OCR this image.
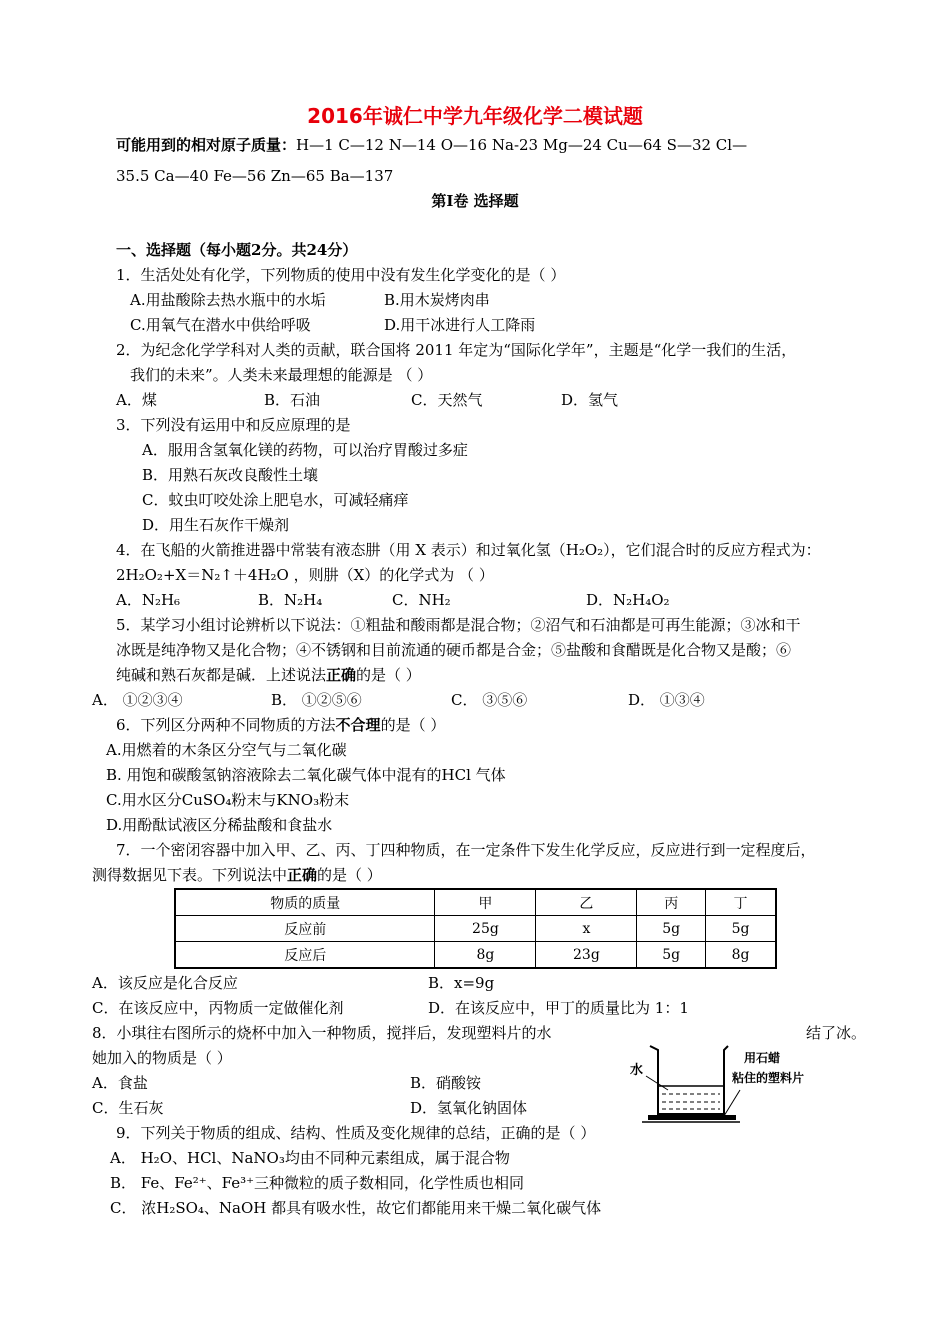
2016年诚仁中学九年级化学二模试题
可能用到的相对原子质量：H—1 C—12 N—14 O—16 Na-23 Mg—24 Cu—64 S—32 Cl—
35.5 Ca—40 Fe—56 Zn—65 Ba—137
第Ⅰ卷 选择题
一、选择题（每小题2分。共24分）
1．生活处处有化学，下列物质的使用中没有发生化学变化的是（ ）
A.用盐酸除去热水瓶中的水垢	B.用木炭烤肉串
C.用氧气在潜水中供给呼吸	D.用干冰进行人工降雨
2．为纪念化学学科对人类的贡献，联合国将 2011 年定为“国际化学年”，主题是“化学一我们的生活，
我们的未来”。人类未来最理想的能源是 （ ）
A．煤	B．石油	C．天然气	D．氢气
3．下列没有运用中和反应原理的是
A．服用含氢氧化镁的药物，可以治疗胃酸过多症
B．用熟石灰改良酸性土壤
C．蚊虫叮咬处涂上肥皂水，可减轻痛痒
D．用生石灰作干燥剂
4．在飞船的火箭推进器中常装有液态肼（用 X 表示）和过氧化氢（H₂O₂），它们混合时的反应方程式为：
2H₂O₂+X＝N₂↑＋4H₂O ，则肼（X）的化学式为 （ ）
A．N₂H₆	B．N₂H₄	C．NH₂	D．N₂H₄O₂
5．某学习小组讨论辨析以下说法：①粗盐和酸雨都是混合物；②沼气和石油都是可再生能源；③冰和干
冰既是纯净物又是化合物；④不锈钢和目前流通的硬币都是合金；⑤盐酸和食醋既是化合物又是酸；⑥
纯碱和熟石灰都是碱．上述说法正确的是（ ）
A． ①②③④	B． ①②⑤⑥	C． ③⑤⑥	D． ①③④
6．下列区分两种不同物质的方法不合理的是（ ）
A.用燃着的木条区分空气与二氧化碳
B. 用饱和碳酸氢钠溶液除去二氧化碳气体中混有的HCl 气体
C.用水区分CuSO₄粉末与KNO₃粉末
D.用酚酞试液区分稀盐酸和食盐水
7．一个密闭容器中加入甲、乙、丙、丁四种物质，在一定条件下发生化学反应，反应进行到一定程度后，
测得数据见下表。下列说法中正确的是（ ）
物质的质量	甲	乙	丙	丁
反应前	25g	x	5g	5g
反应后	8g	23g	5g	8g
A．该反应是化合反应	B．x=9g
C．在该反应中，丙物质一定做催化剂	D．在该反应中，甲丁的质量比为 1：1
8．小琪往右图所示的烧杯中加入一种物质，搅拌后，发现塑料片的水	结了冰。
她加入的物质是（ ）
A．食盐	B．硝酸铵
C．生石灰	D．氢氧化钠固体
水
用石蜡
粘住的塑料片
9．下列关于物质的组成、结构、性质及变化规律的总结，正确的是（ ）
A． H₂O、HCl、NaNO₃均由不同种元素组成，属于混合物
B． Fe、Fe²⁺、Fe³⁺三种微粒的质子数相同，化学性质也相同
C． 浓H₂SO₄、NaOH 都具有吸水性，故它们都能用来干燥二氧化碳气体
